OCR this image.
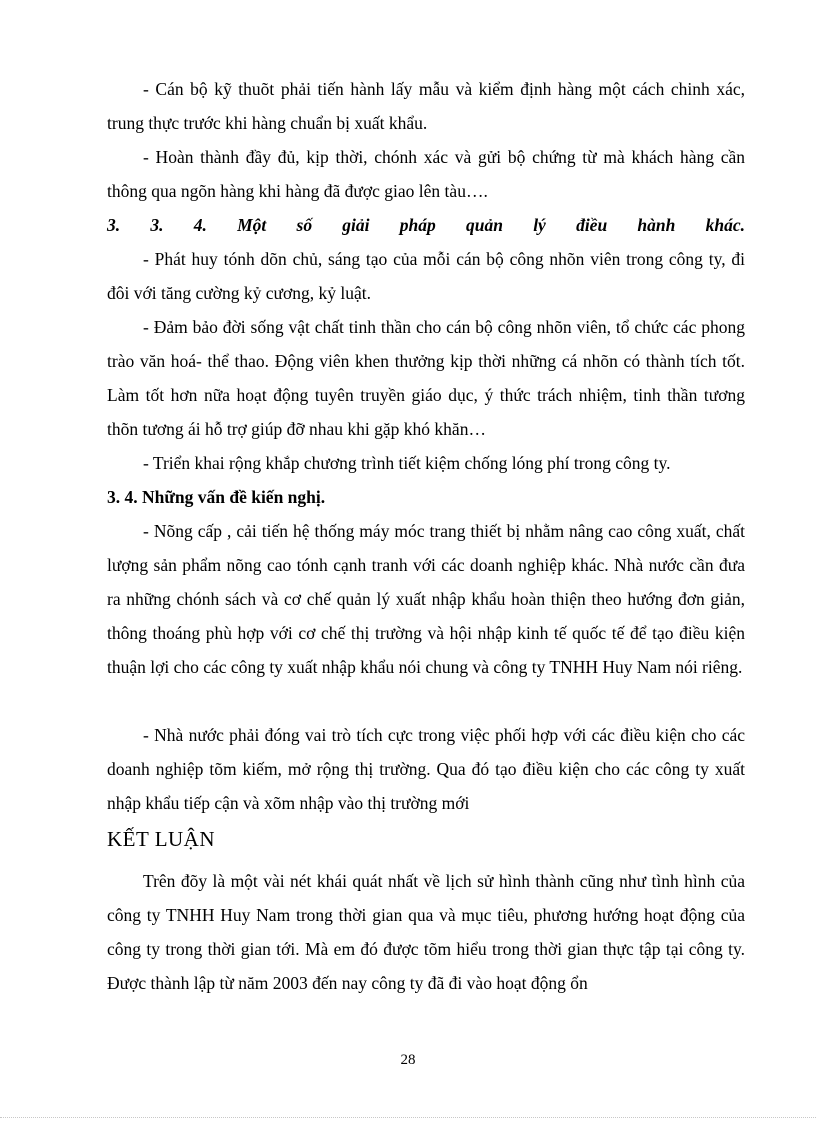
- Cán bộ kỹ thuõt phải tiến hành lấy mẫu và kiểm định hàng một cách chinh xác, trung thực trước khi hàng chuẩn bị xuất khẩu.

- Hoàn thành đầy đủ, kịp thời, chónh xác và gửi bộ chứng từ mà khách hàng cần thông qua ngõn hàng khi hàng đã được giao lên tàu….

3. 3. 4. Một số giải pháp quản lý điều hành khác.

- Phát huy tónh dõn chủ, sáng tạo của mỗi cán bộ công nhõn viên trong công ty, đi đôi với tăng cường kỷ cương, kỷ luật.

- Đảm bảo đời sống vật chất tinh thần cho cán bộ công nhõn viên, tổ chức các phong trào văn hoá- thể thao. Động viên khen thưởng kịp thời những cá nhõn có thành tích tốt. Làm tốt hơn nữa hoạt động tuyên truyền giáo dục, ý thức trách nhiệm, tinh thần tương thõn tương ái hỗ trợ giúp đỡ nhau khi gặp khó khăn…

- Triển khai rộng khắp chương trình tiết kiệm chống lóng phí trong công ty.

3. 4. Những vấn đề kiến nghị.

- Nõng cấp , cải tiến hệ thống máy móc trang thiết bị nhằm nâng cao công xuất, chất lượng sản phẩm nõng cao tónh cạnh tranh với các doanh nghiệp khác. Nhà nước cần đưa ra những chónh sách và cơ chế quản lý xuất nhập khẩu hoàn thiện theo hướng đơn giản, thông thoáng phù hợp với cơ chế thị trường và hội nhập kinh tế quốc tế để tạo điều kiện thuận lợi cho các công ty xuất nhập khẩu nói chung và công ty TNHH Huy Nam nói riêng.

- Nhà nước phải đóng vai trò tích cực trong việc phối hợp với các điều kiện cho các doanh nghiệp tõm kiếm, mở rộng thị trường. Qua đó tạo điều kiện cho các công ty xuất nhập khẩu tiếp cận và xõm nhập vào thị trường mới

KẾT LUẬN

Trên đõy là một vài nét khái quát nhất về lịch sử hình thành cũng như tình hình của công ty TNHH Huy Nam trong thời gian qua và mục tiêu, phương hướng hoạt động của công ty trong thời gian tới. Mà em đó được tõm hiểu trong thời gian thực tập tại công ty. Được thành lập từ năm 2003 đến nay công ty đã đi vào hoạt động ổn

28
